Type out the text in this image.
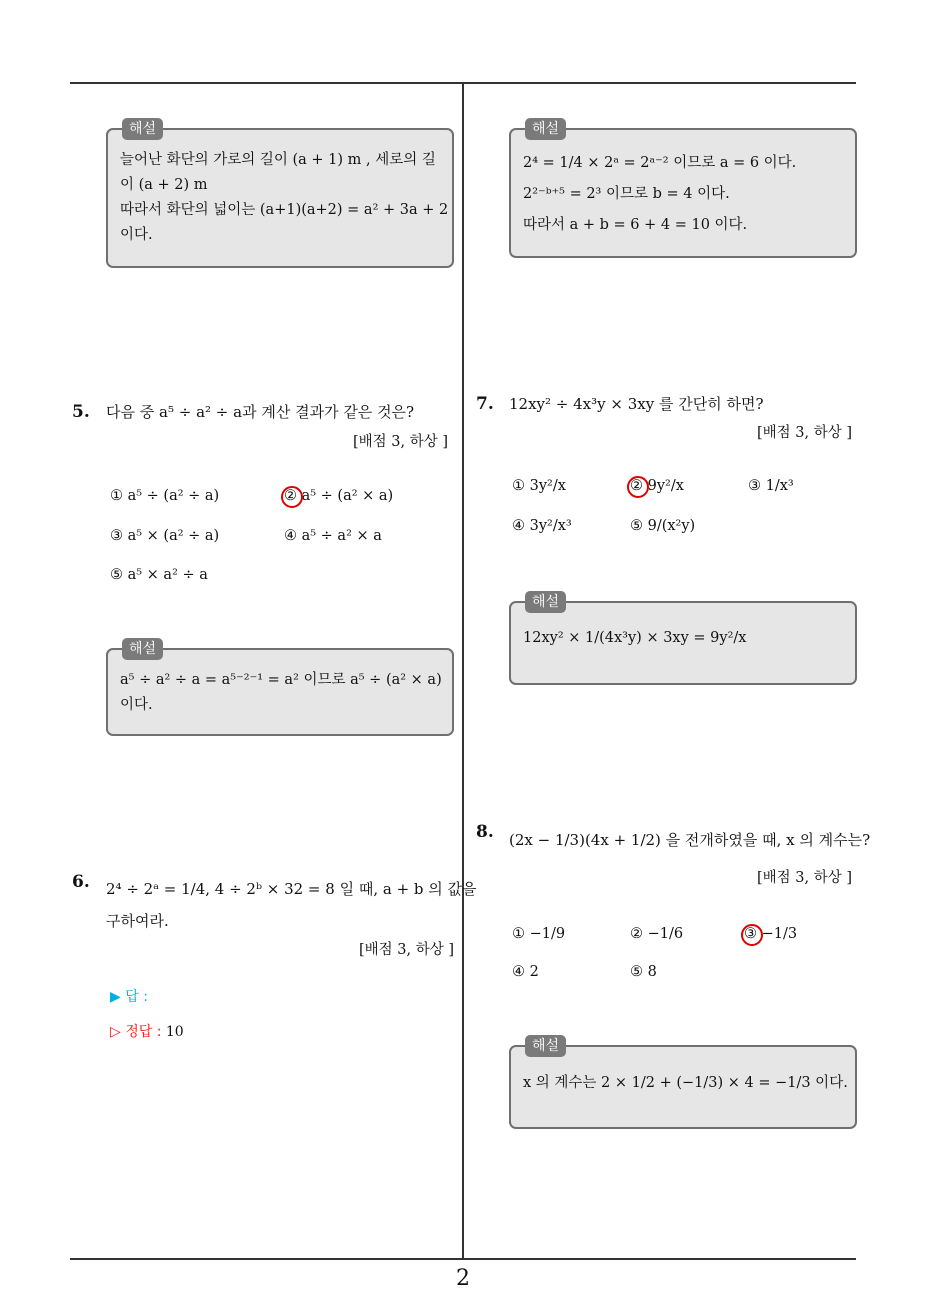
해설
늘어난 화단의 가로의 길이 (a + 1) m , 세로의 길
이 (a + 2) m
따라서 화단의 넓이는 (a+1)(a+2) = a² + 3a + 2
이다.
해설
2⁴ = 1/4 × 2ᵃ = 2ᵃ⁻² 이므로 a = 6 이다.
2²⁻ᵇ⁺⁵ = 2³ 이므로 b = 4 이다.
따라서 a + b = 6 + 4 = 10 이다.
5. 다음 중 a⁵ ÷ a² ÷ a과 계산 결과가 같은 것은?
[배점 3, 하상 ]
① a⁵ ÷ (a² ÷ a)	② a⁵ ÷ (a² × a)
③ a⁵ × (a² ÷ a)	④ a⁵ ÷ a² × a
⑤ a⁵ × a² ÷ a
해설
a⁵ ÷ a² ÷ a = a⁵⁻²⁻¹ = a² 이므로 a⁵ ÷ (a² × a)
이다.
6. 2⁴ ÷ 2ᵃ = 1/4, 4 ÷ 2ᵇ × 32 = 8 일 때, a + b 의 값을
구하여라.
[배점 3, 하상 ]
▶ 답 :
▷ 정답 : 10
7. 12xy² ÷ 4x³y × 3xy 를 간단히 하면?
[배점 3, 하상 ]
① 3y²/x	② 9y²/x	③ 1/x³
④ 3y²/x³	⑤ 9/(x²y)
해설
12xy² × 1/(4x³y) × 3xy = 9y²/x
8. (2x − 1/3)(4x + 1/2) 을 전개하였을 때, x 의 계수는?
[배점 3, 하상 ]
① −1/9	② −1/6	③ −1/3
④ 2	⑤ 8
해설
x 의 계수는 2 × 1/2 + (−1/3) × 4 = −1/3 이다.
2
